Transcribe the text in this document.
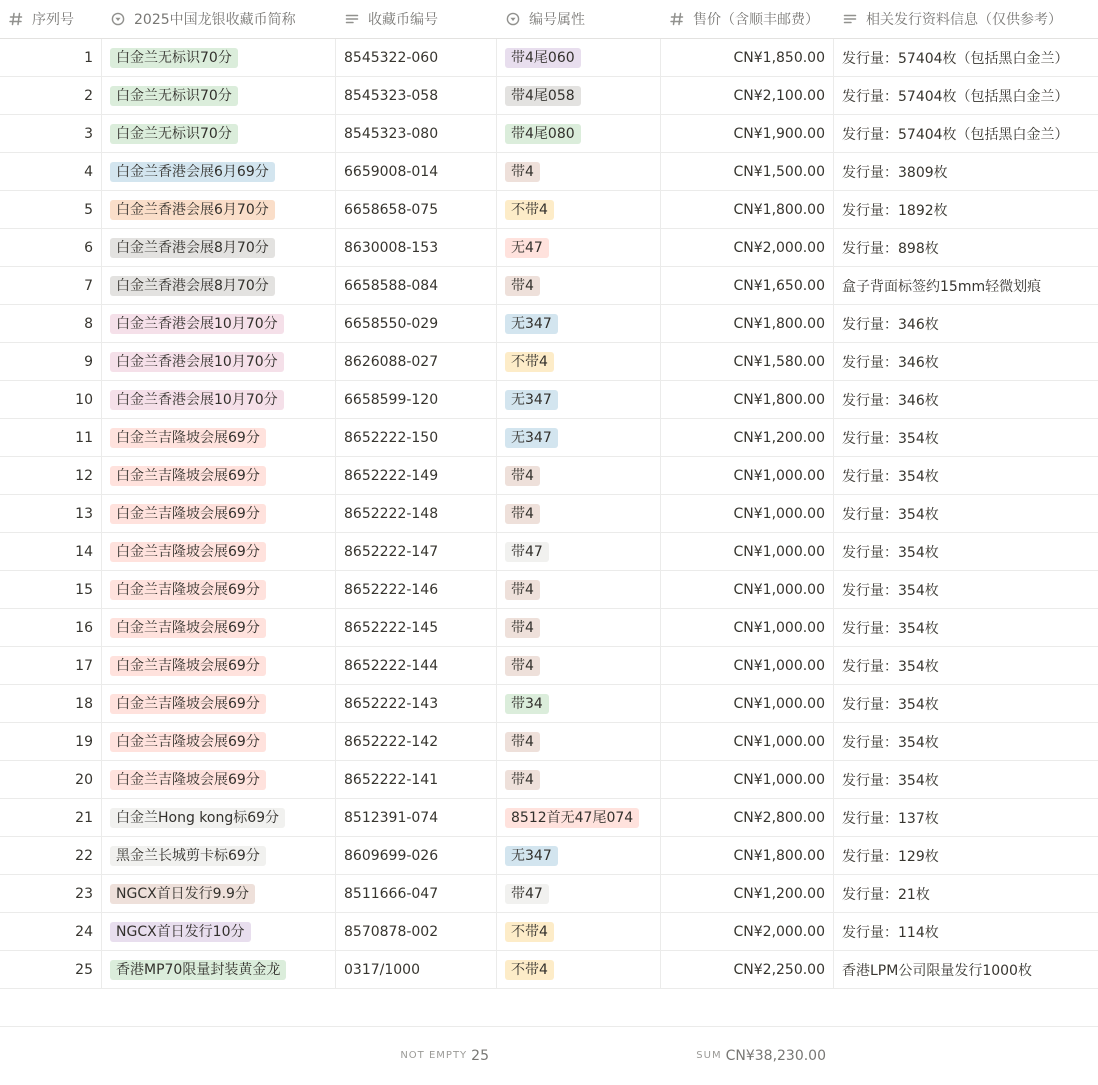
序列号	2025中国龙银收藏币简称	收藏币编号	编号属性	售价（含顺丰邮费）	相关发行资料信息（仅供参考）
1	白金兰无标识70分	8545322-060	带4尾060	CN¥1,850.00 发行量：57404枚（包括黑白金兰）
2	白金兰无标识70分	8545323-058	带4尾058	CN¥2,100.00 发行量：57404枚（包括黑白金兰）
3	白金兰无标识70分	8545323-080	带4尾080	CN¥1,900.00 发行量：57404枚（包括黑白金兰）
4	白金兰香港会展6月69分	6659008-014	带4	CN¥1,500.00 发行量：3809枚
5	白金兰香港会展6月70分	6658658-075	不带4	CN¥1,800.00 发行量：1892枚
6	白金兰香港会展8月70分	8630008-153	无47	CN¥2,000.00 发行量：898枚
7	白金兰香港会展8月70分	6658588-084	带4	CN¥1,650.00 盒子背面标签约15mm轻微划痕
8	白金兰香港会展10月70分	6658550-029	无347	CN¥1,800.00 发行量：346枚
9	白金兰香港会展10月70分	8626088-027	不带4	CN¥1,580.00 发行量：346枚
10	白金兰香港会展10月70分	6658599-120	无347	CN¥1,800.00 发行量：346枚
11	白金兰吉隆坡会展69分	8652222-150	无347	CN¥1,200.00 发行量：354枚
12	白金兰吉隆坡会展69分	8652222-149	带4	CN¥1,000.00 发行量：354枚
13	白金兰吉隆坡会展69分	8652222-148	带4	CN¥1,000.00 发行量：354枚
14	白金兰吉隆坡会展69分	8652222-147	带47	CN¥1,000.00 发行量：354枚
15	白金兰吉隆坡会展69分	8652222-146	带4	CN¥1,000.00 发行量：354枚
16	白金兰吉隆坡会展69分	8652222-145	带4	CN¥1,000.00 发行量：354枚
17	白金兰吉隆坡会展69分	8652222-144	带4	CN¥1,000.00 发行量：354枚
18	白金兰吉隆坡会展69分	8652222-143	带34	CN¥1,000.00 发行量：354枚
19	白金兰吉隆坡会展69分	8652222-142	带4	CN¥1,000.00 发行量：354枚
20	白金兰吉隆坡会展69分	8652222-141	带4	CN¥1,000.00 发行量：354枚
21	白金兰Hong kong标69分	8512391-074	8512首无47尾074	CN¥2,800.00 发行量：137枚
22	黑金兰长城剪卡标69分	8609699-026	无347	CN¥1,800.00 发行量：129枚
23	NGCX首日发行9.9分	8511666-047	带47	CN¥1,200.00 发行量：21枚
24	NGCX首日发行10分	8570878-002	不带4	CN¥2,000.00 发行量：114枚
25	香港MP70限量封装黄金龙	0317/1000	不带4	CN¥2,250.00 香港LPM公司限量发行1000枚
NOT EMPTY 25	SUM CN¥38,230.00
